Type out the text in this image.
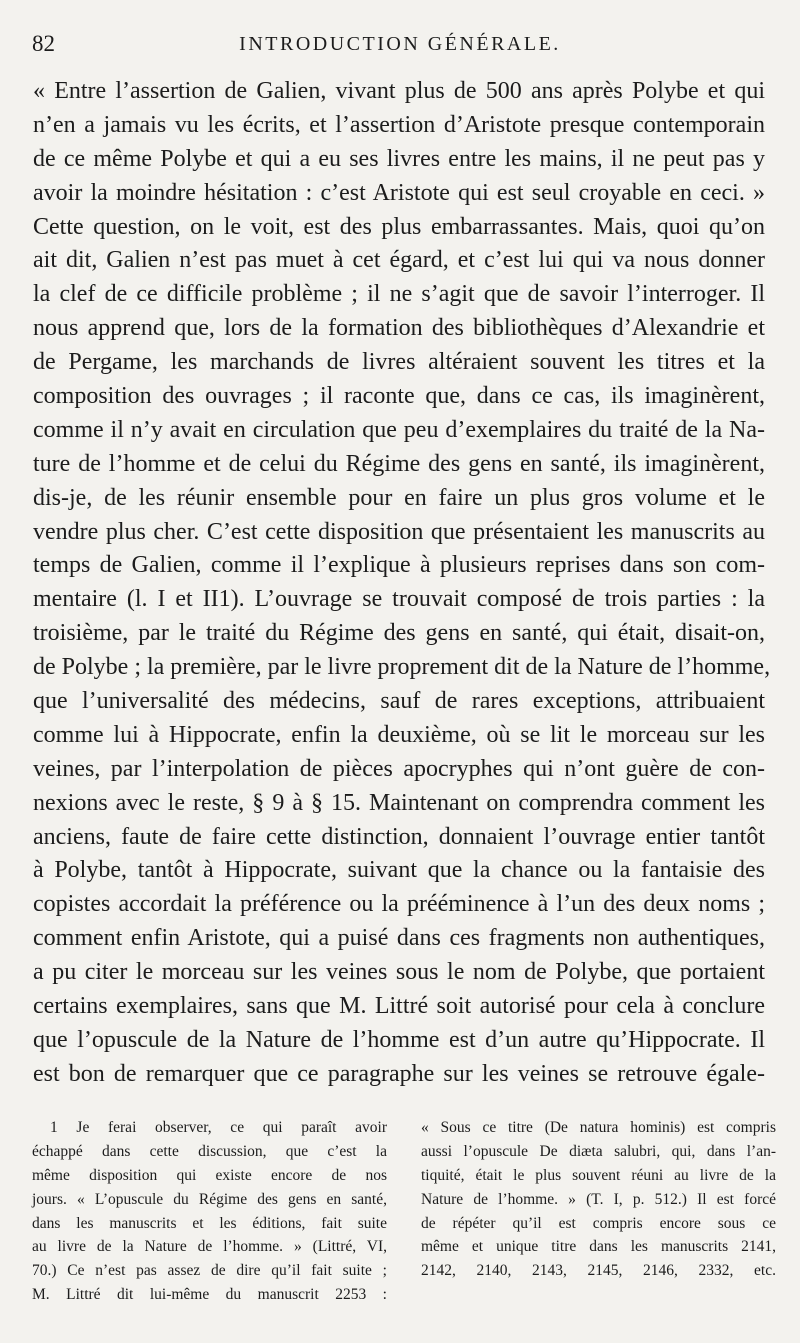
82	INTRODUCTION GÉNÉRALE.
« Entre l’assertion de Galien, vivant plus de 500 ans après Polybe et qui
n’en a jamais vu les écrits, et l’assertion d’Aristote presque contemporain
de ce même Polybe et qui a eu ses livres entre les mains, il ne peut pas y
avoir la moindre hésitation : c’est Aristote qui est seul croyable en ceci. »
Cette question, on le voit, est des plus embarrassantes. Mais, quoi qu’on
ait dit, Galien n’est pas muet à cet égard, et c’est lui qui va nous donner
la clef de ce difficile problème ; il ne s’agit que de savoir l’interroger. Il
nous apprend que, lors de la formation des bibliothèques d’Alexandrie et
de Pergame, les marchands de livres altéraient souvent les titres et la
composition des ouvrages ; il raconte que, dans ce cas, ils imaginèrent,
comme il n’y avait en circulation que peu d’exemplaires du traité de la Na-
ture de l’homme et de celui du Régime des gens en santé, ils imaginèrent,
dis-je, de les réunir ensemble pour en faire un plus gros volume et le
vendre plus cher. C’est cette disposition que présentaient les manuscrits au
temps de Galien, comme il l’explique à plusieurs reprises dans son com-
mentaire (l. I et II1). L’ouvrage se trouvait composé de trois parties : la
troisième, par le traité du Régime des gens en santé, qui était, disait-on,
de Polybe ; la première, par le livre proprement dit de la Nature de l’homme,
que l’universalité des médecins, sauf de rares exceptions, attribuaient
comme lui à Hippocrate, enfin la deuxième, où se lit le morceau sur les
veines, par l’interpolation de pièces apocryphes qui n’ont guère de con-
nexions avec le reste, § 9 à § 15. Maintenant on comprendra comment les
anciens, faute de faire cette distinction, donnaient l’ouvrage entier tantôt
à Polybe, tantôt à Hippocrate, suivant que la chance ou la fantaisie des
copistes accordait la préférence ou la prééminence à l’un des deux noms ;
comment enfin Aristote, qui a puisé dans ces fragments non authentiques,
a pu citer le morceau sur les veines sous le nom de Polybe, que portaient
certains exemplaires, sans que M. Littré soit autorisé pour cela à conclure
que l’opuscule de la Nature de l’homme est d’un autre qu’Hippocrate. Il
est bon de remarquer que ce paragraphe sur les veines se retrouve égale-
1 Je ferai observer, ce qui paraît avoir
échappé dans cette discussion, que c’est la
même disposition qui existe encore de nos
jours. « L’opuscule du Régime des gens en santé,
dans les manuscrits et les éditions, fait suite
au livre de la Nature de l’homme. » (Littré, VI,
70.) Ce n’est pas assez de dire qu’il fait suite ;
M. Littré dit lui-même du manuscrit 2253 :
« Sous ce titre (De natura hominis) est compris
aussi l’opuscule De diæta salubri, qui, dans l’an-
tiquité, était le plus souvent réuni au livre de la
Nature de l’homme. » (T. I, p. 512.) Il est forcé
de répéter qu’il est compris encore sous ce
même et unique titre dans les manuscrits 2141,
2142, 2140, 2143, 2145, 2146, 2332, etc.
